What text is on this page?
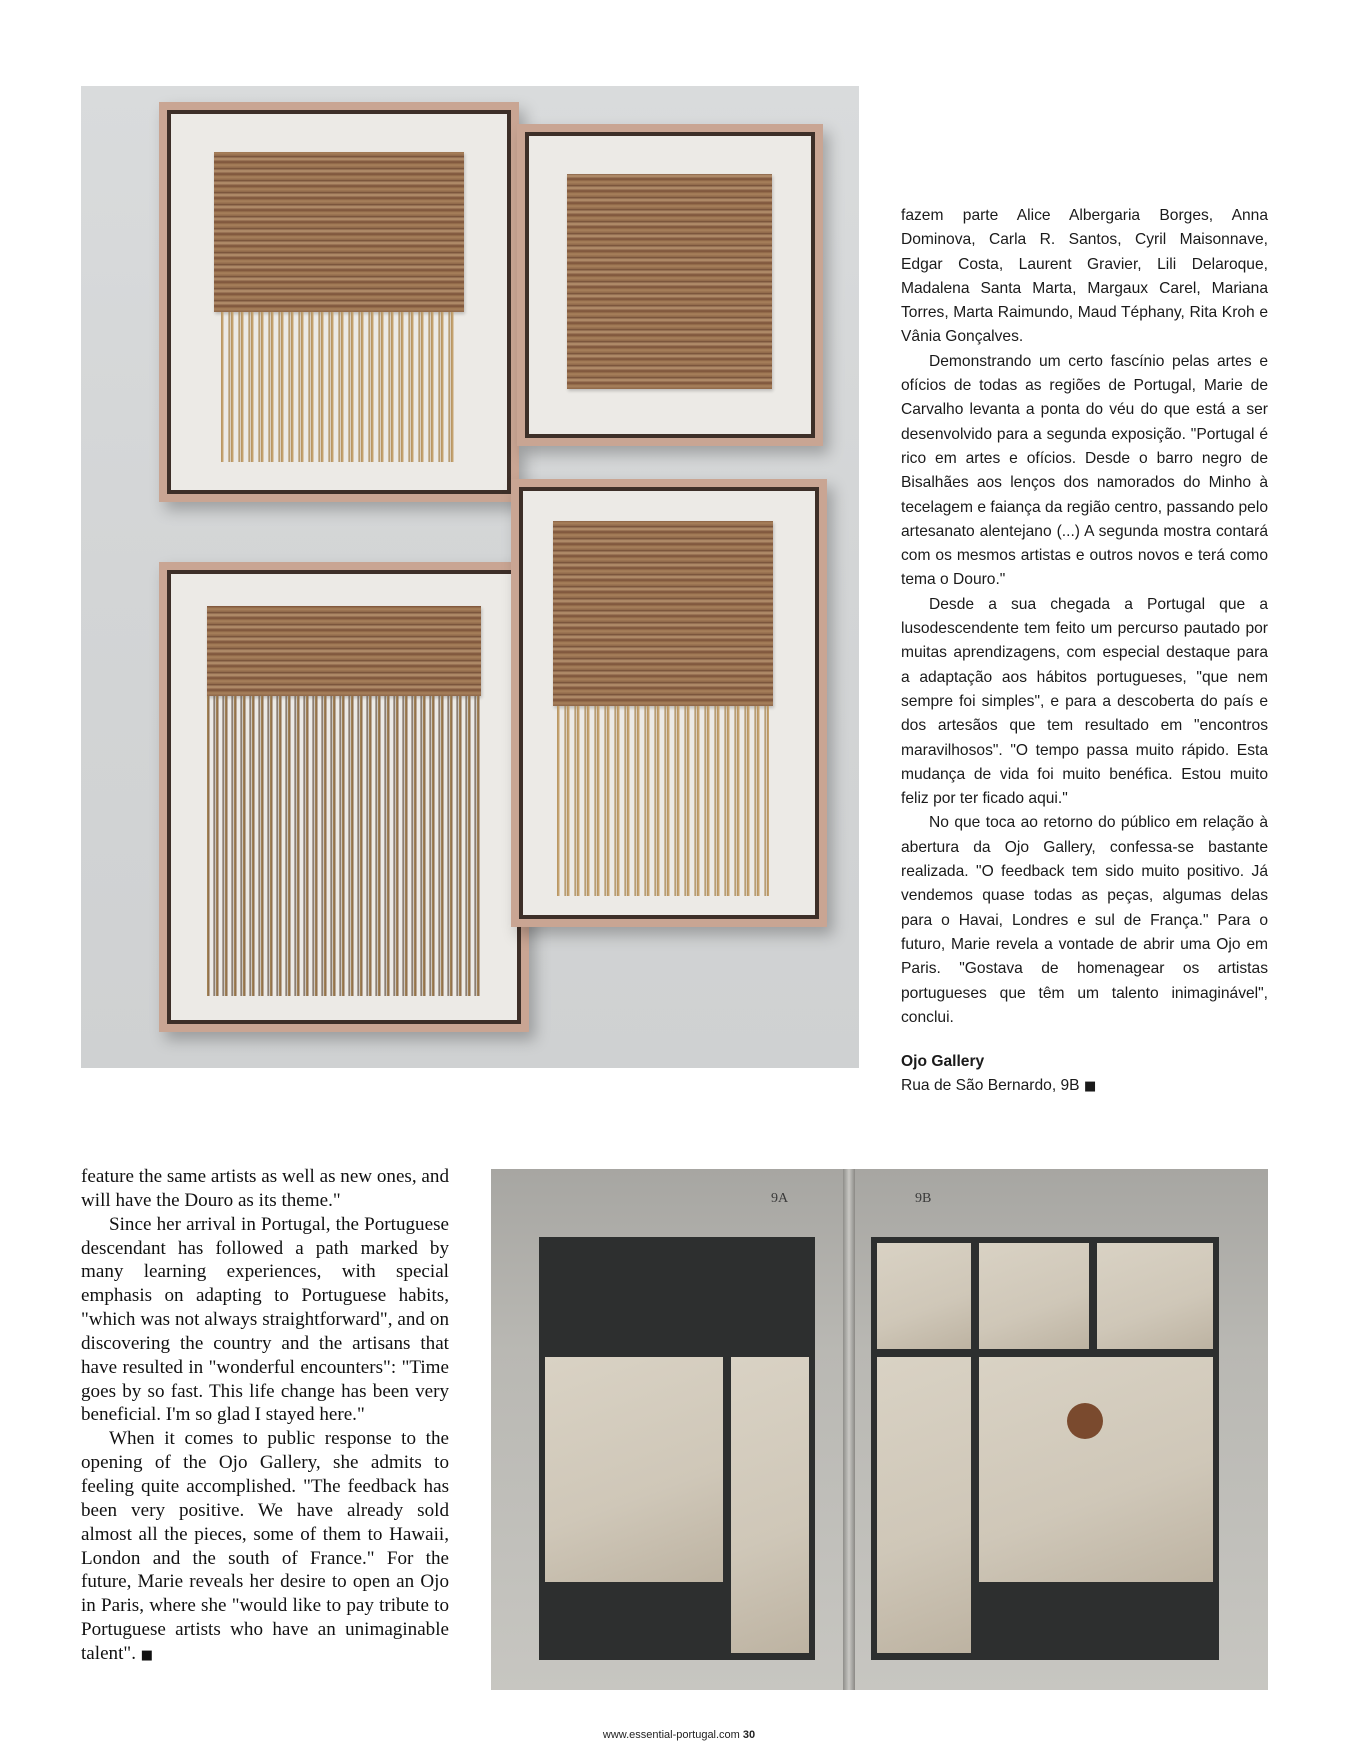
fazem parte Alice Albergaria Borges, Anna Dominova, Carla R. Santos, Cyril Maisonnave, Edgar Costa, Laurent Gravier, Lili Delaroque, Madalena Santa Marta, Margaux Carel, Mariana Torres, Marta Raimundo, Maud Téphany, Rita Kroh e Vânia Gonçalves.

Demonstrando um certo fascínio pelas artes e ofícios de todas as regiões de Portugal, Marie de Carvalho levanta a ponta do véu do que está a ser desenvolvido para a segunda exposição. "Portugal é rico em artes e ofícios. Desde o barro negro de Bisalhães aos lenços dos namorados do Minho à tecelagem e faiança da região centro, passando pelo artesanato alentejano (...) A segunda mostra contará com os mesmos artistas e outros novos e terá como tema o Douro."

Desde a sua chegada a Portugal que a lusodescendente tem feito um percurso pautado por muitas aprendizagens, com especial destaque para a adaptação aos hábitos portugueses, "que nem sempre foi simples", e para a descoberta do país e dos artesãos que tem resultado em "encontros maravilhosos". "O tempo passa muito rápido. Esta mudança de vida foi muito benéfica. Estou muito feliz por ter ficado aqui."

No que toca ao retorno do público em relação à abertura da Ojo Gallery, confessa-se bastante realizada. "O feedback tem sido muito positivo. Já vendemos quase todas as peças, algumas delas para o Havai, Londres e sul de França." Para o futuro, Marie revela a vontade de abrir uma Ojo em Paris. "Gostava de homenagear os artistas portugueses que têm um talento inimaginável", conclui.

Ojo Gallery
Rua de São Bernardo, 9B ■

feature the same artists as well as new ones, and will have the Douro as its theme."

Since her arrival in Portugal, the Portuguese descendant has followed a path marked by many learning experiences, with special emphasis on adapting to Portuguese habits, "which was not always straightforward", and on discovering the country and the artisans that have resulted in "wonderful encounters": "Time goes by so fast. This life change has been very beneficial. I'm so glad I stayed here."

When it comes to public response to the opening of the Ojo Gallery, she admits to feeling quite accomplished. "The feedback has been very positive. We have already sold almost all the pieces, some of them to Hawaii, London and the south of France." For the future, Marie reveals her desire to open an Ojo in Paris, where she "would like to pay tribute to Portuguese artists who have an unimaginable talent". ■

9A	9B
www.essential-portugal.com 30
